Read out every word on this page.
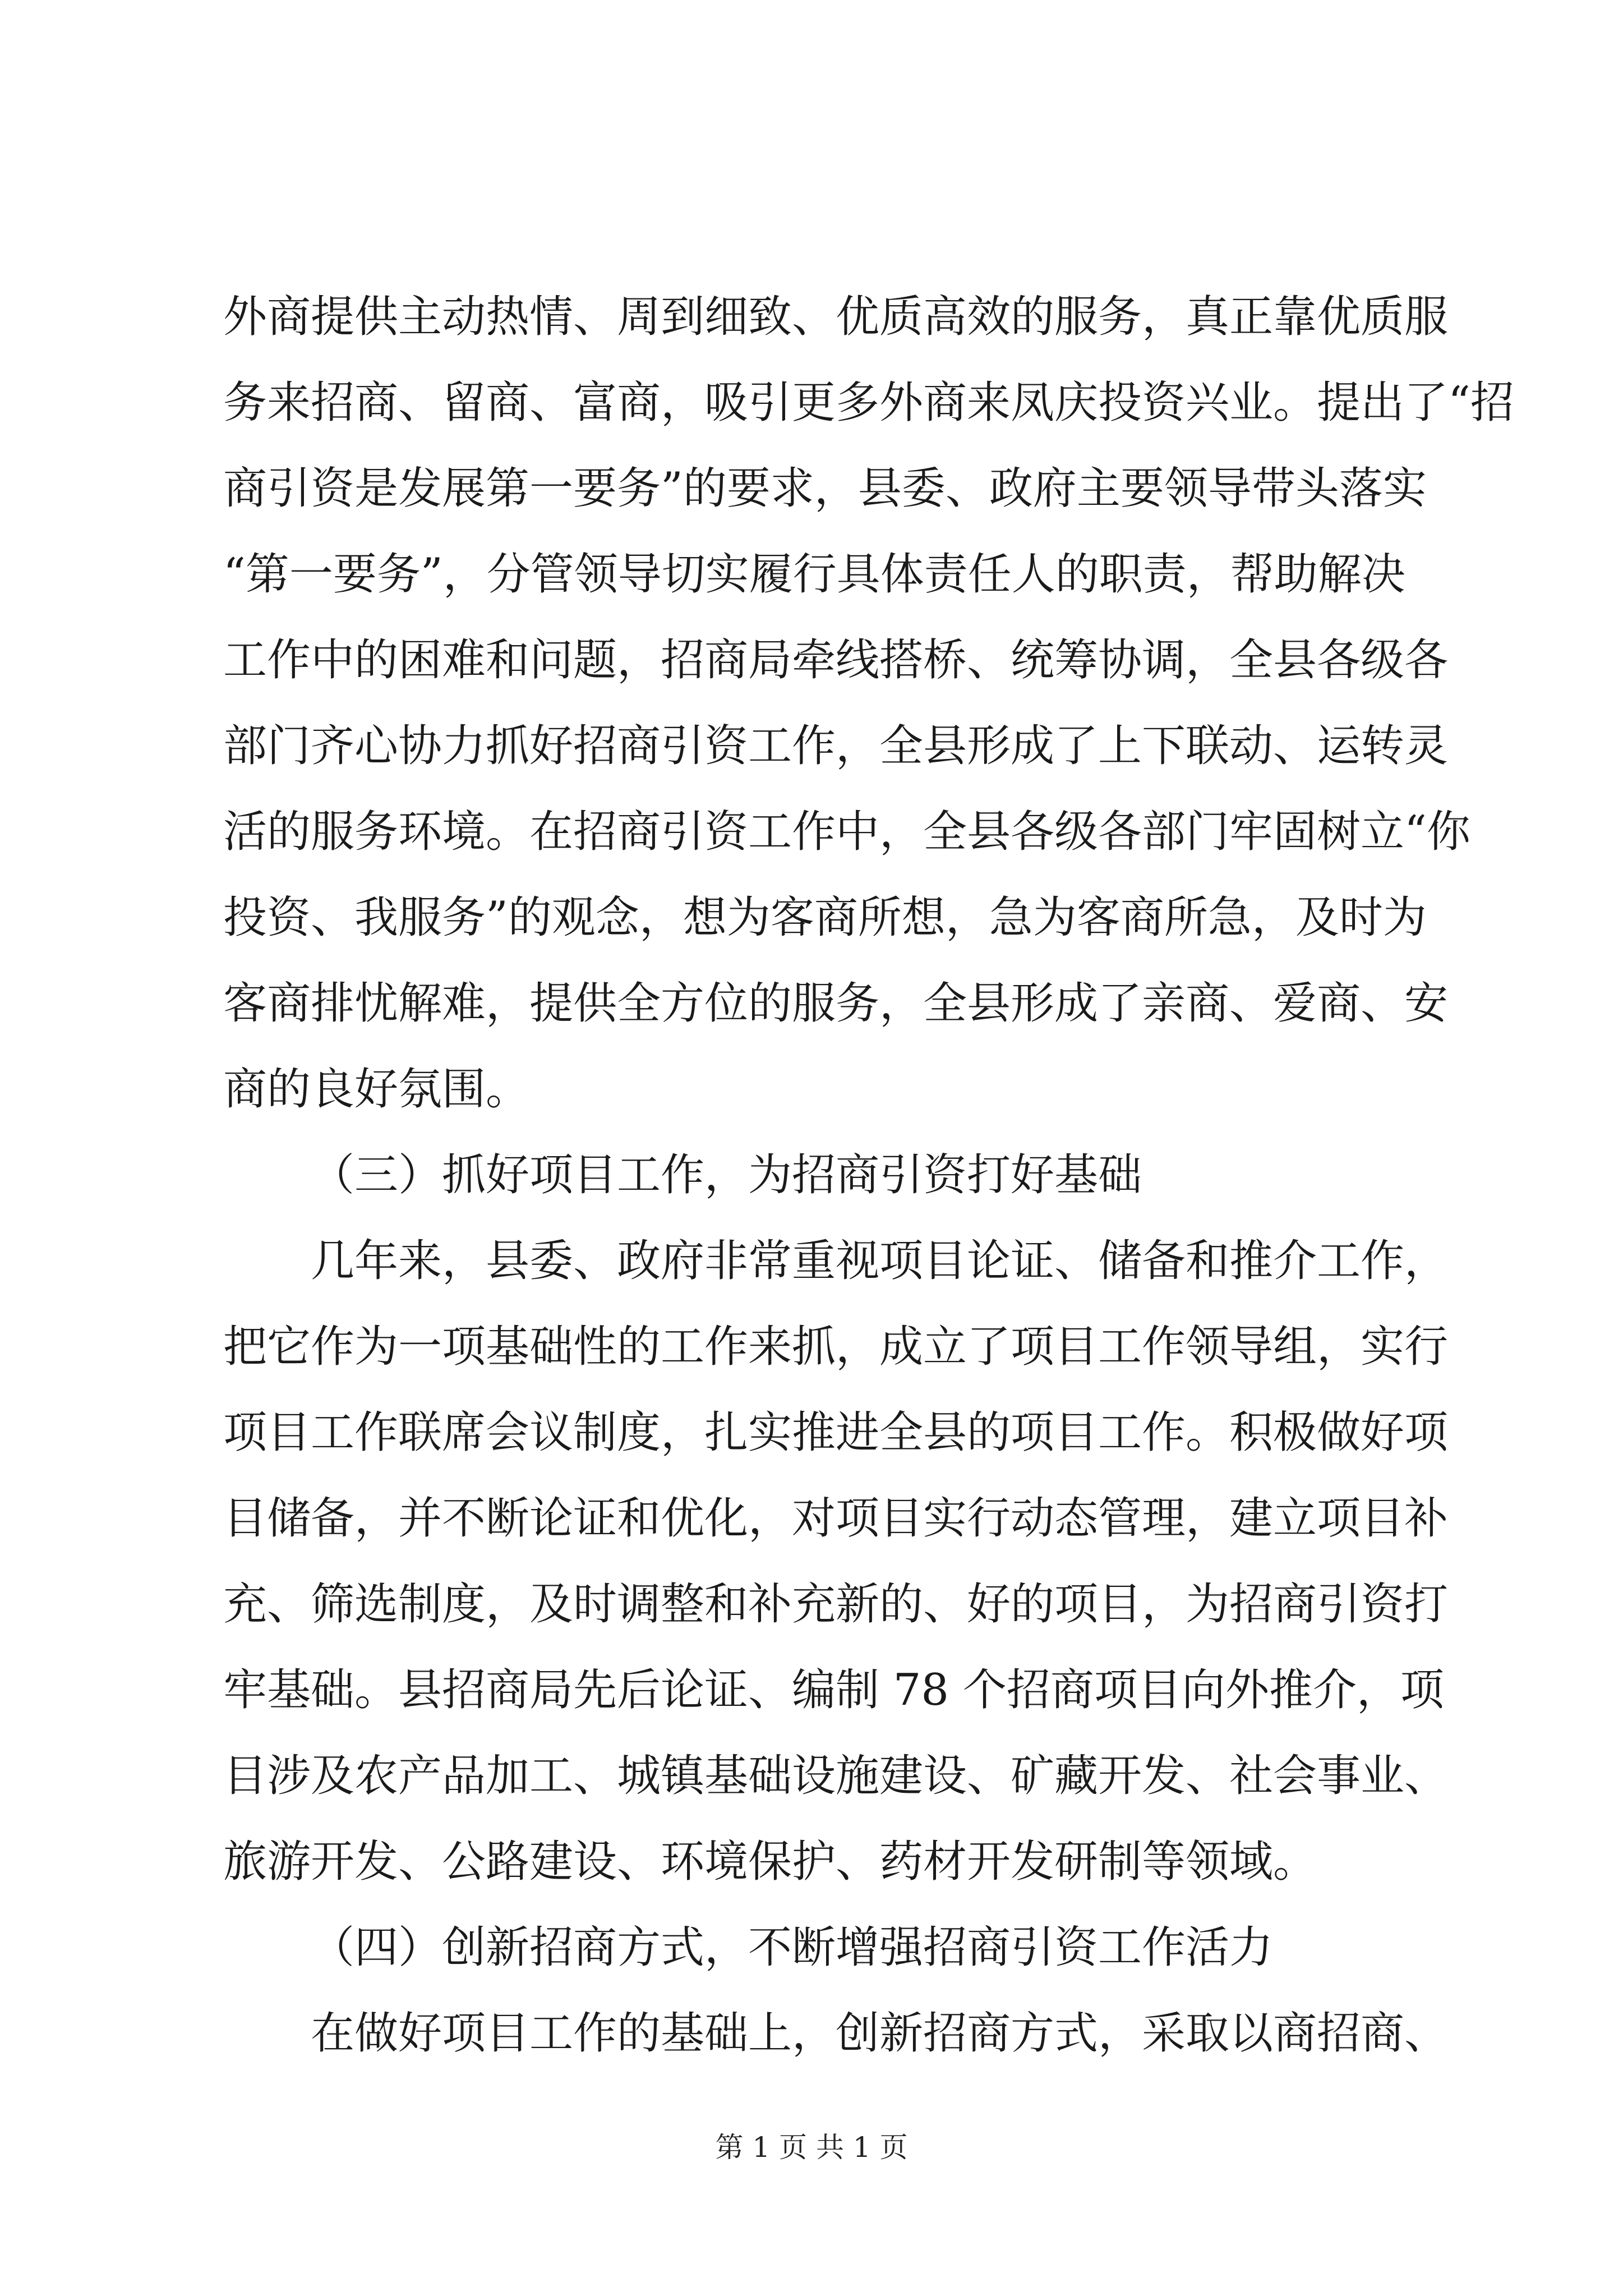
外商提供主动热情、周到细致、优质高效的服务，真正靠优质服
务来招商、留商、富商，吸引更多外商来凤庆投资兴业。提出了“招
商引资是发展第一要务”的要求，县委、政府主要领导带头落实
“第一要务”，分管领导切实履行具体责任人的职责，帮助解决
工作中的困难和问题，招商局牵线搭桥、统筹协调，全县各级各
部门齐心协力抓好招商引资工作，全县形成了上下联动、运转灵
活的服务环境。在招商引资工作中，全县各级各部门牢固树立“你
投资、我服务”的观念，想为客商所想，急为客商所急，及时为
客商排忧解难，提供全方位的服务，全县形成了亲商、爱商、安
商的良好氛围。
（三）抓好项目工作，为招商引资打好基础
几年来，县委、政府非常重视项目论证、储备和推介工作，
把它作为一项基础性的工作来抓，成立了项目工作领导组，实行
项目工作联席会议制度，扎实推进全县的项目工作。积极做好项
目储备，并不断论证和优化，对项目实行动态管理，建立项目补
充、筛选制度，及时调整和补充新的、好的项目，为招商引资打
牢基础。县招商局先后论证、编制 78 个招商项目向外推介，项
目涉及农产品加工、城镇基础设施建设、矿藏开发、社会事业、
旅游开发、公路建设、环境保护、药材开发研制等领域。
（四）创新招商方式，不断增强招商引资工作活力
在做好项目工作的基础上，创新招商方式，采取以商招商、
第 1 页 共 1 页
